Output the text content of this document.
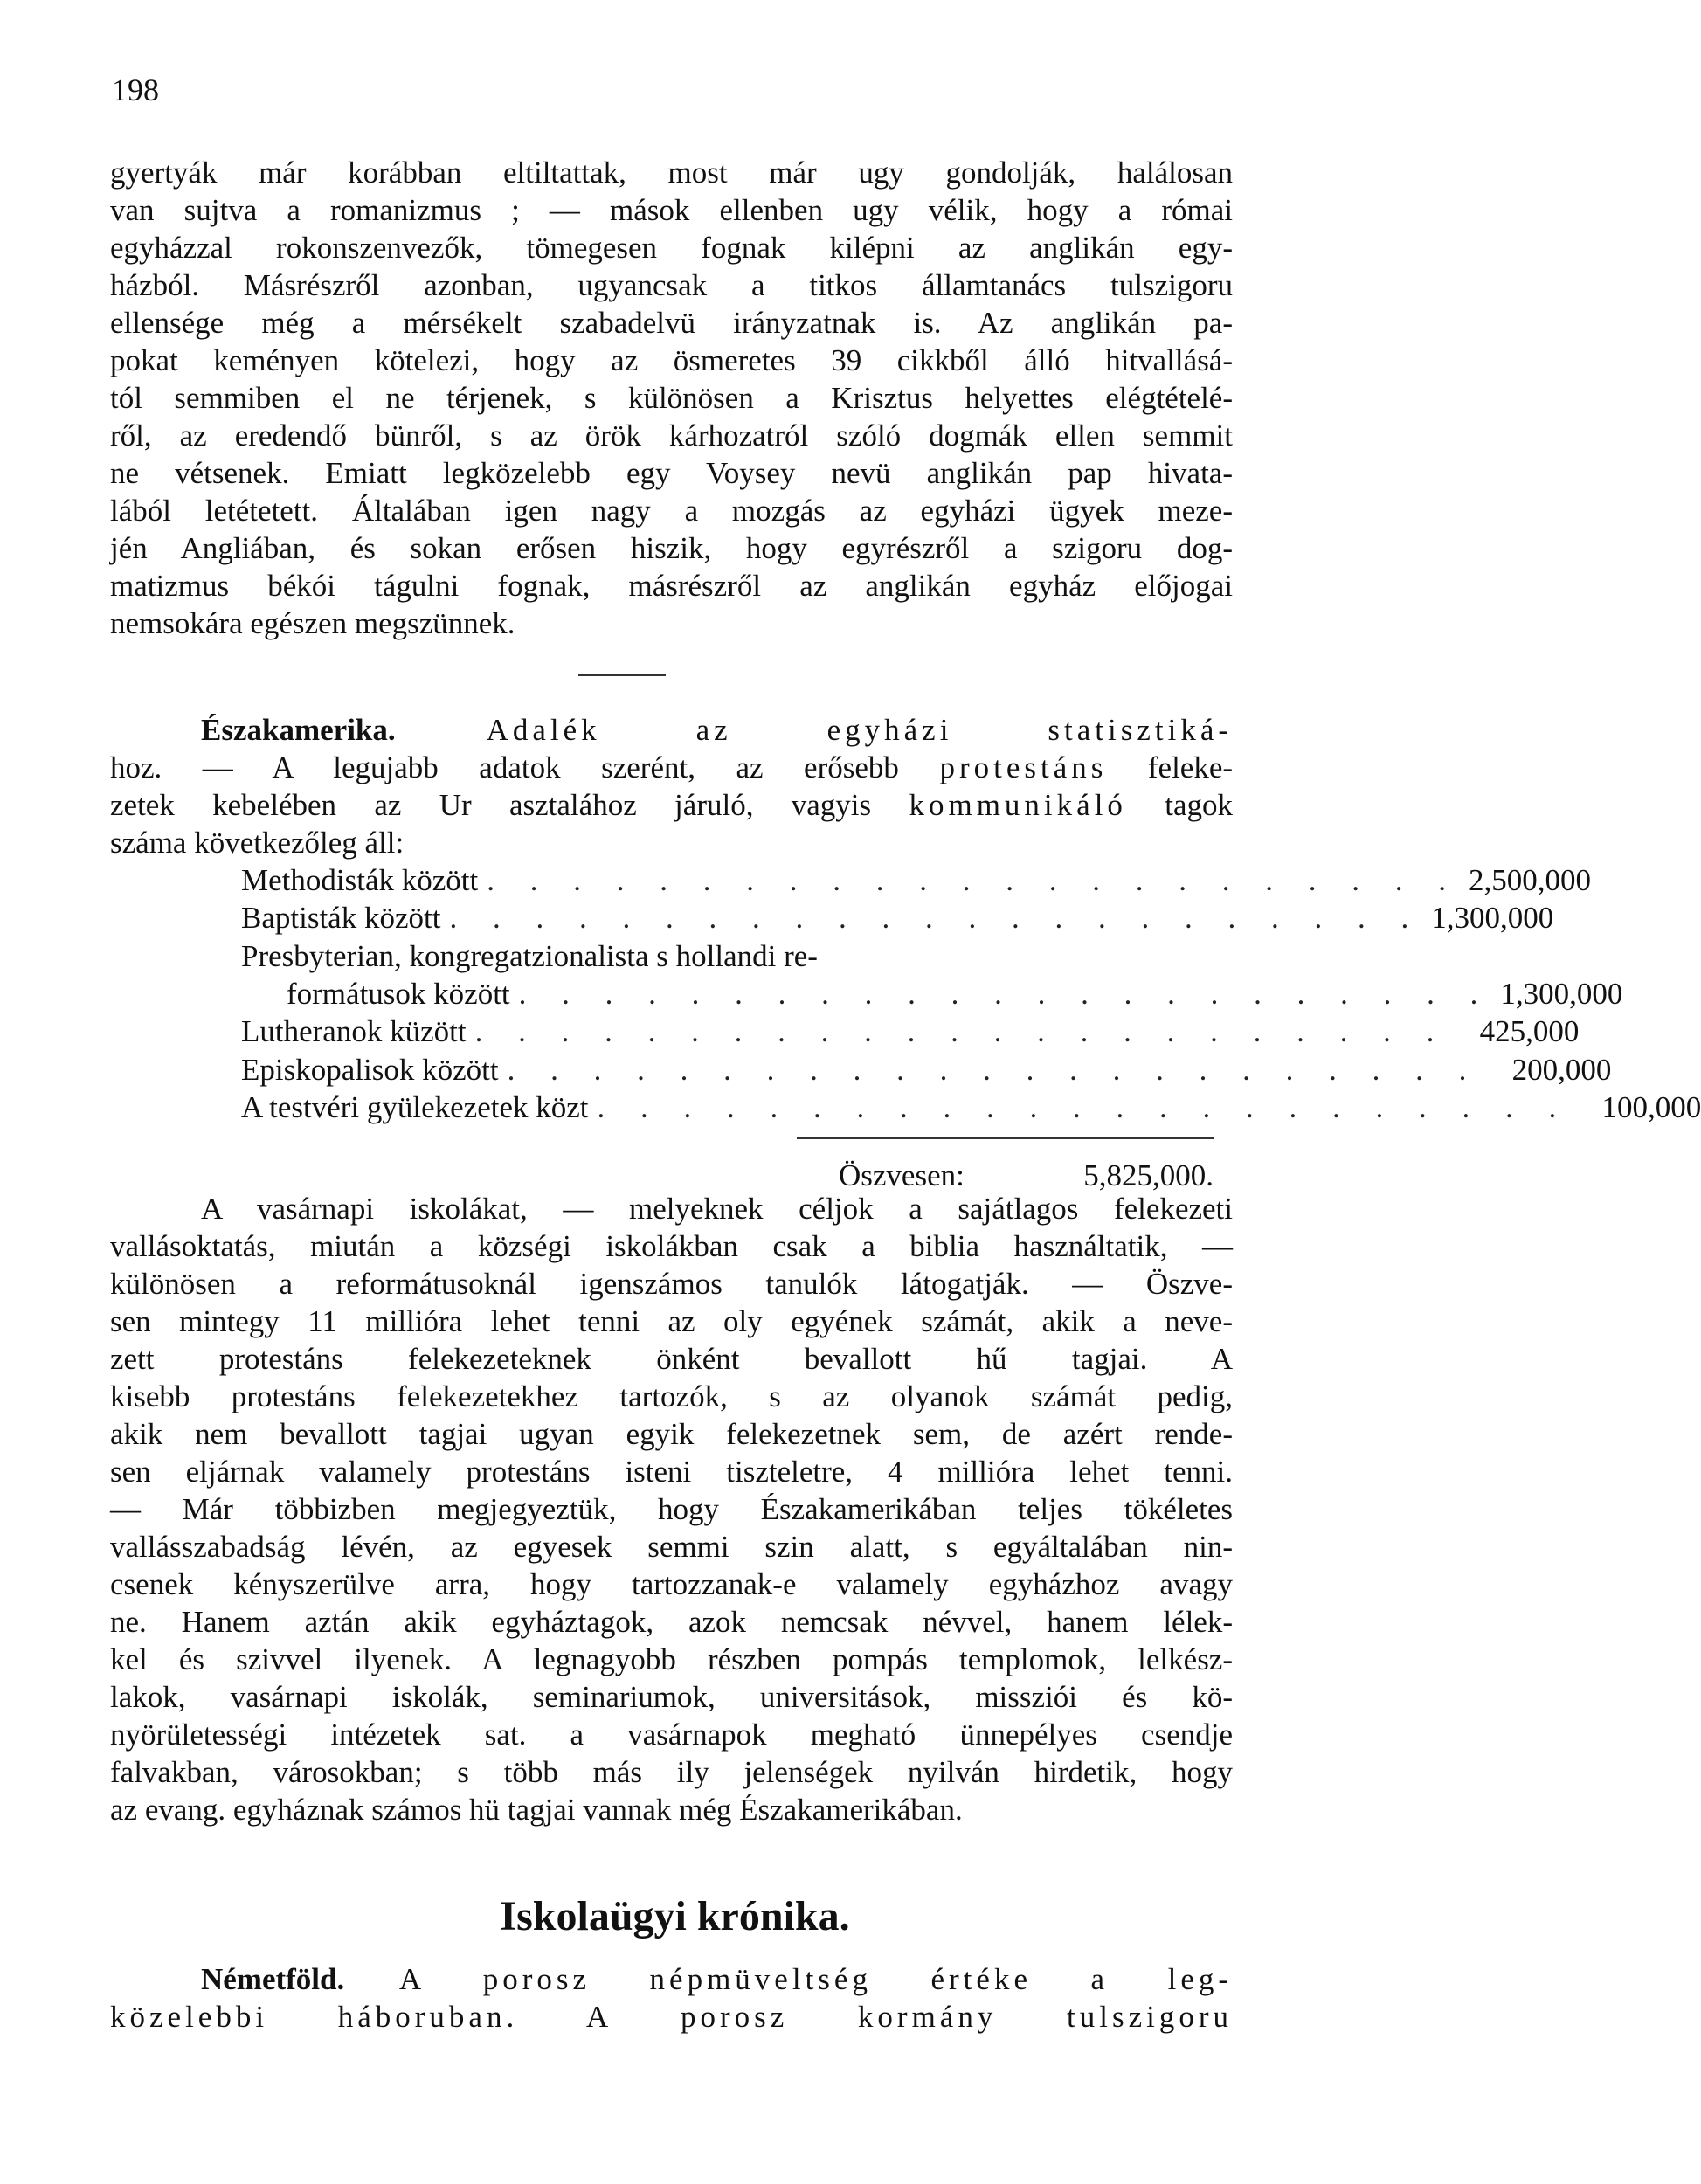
198
gyertyák már korábban eltiltattak, most már ugy gondolják, halálosan
van sujtva a romanizmus ; — mások ellenben ugy vélik, hogy a római
egyházzal rokonszenvezők, tömegesen fognak kilépni az anglikán egy-
házból. Másrészről azonban, ugyancsak a titkos államtanács tulszigoru
ellensége még a mérsékelt szabadelvü irányzatnak is. Az anglikán pa-
pokat keményen kötelezi, hogy az ösmeretes 39 cikkből álló hitvallásá-
tól semmiben el ne térjenek, s különösen a Krisztus helyettes elégtételé-
ről, az eredendő bünről, s az örök kárhozatról szóló dogmák ellen semmit
ne vétsenek. Emiatt legközelebb egy Voysey nevü anglikán pap hivata-
lából letétetett. Általában igen nagy a mozgás az egyházi ügyek meze-
jén Angliában, és sokan erősen hiszik, hogy egyrészről a szigoru dog-
matizmus békói tágulni fognak, másrészről az anglikán egyház előjogai
nemsokára egészen megszünnek.
Északamerika.	Adalék az egyházi statisztiká-
hoz. — A legujabb adatok szerént, az erősebb protestáns feleke-
zetek kebelében az Ur asztalához járuló, vagyis kommunikáló tagok
száma következőleg áll:
Methodisták között . . . . . . . . . . . . . . . . . . . . . . . 2,500,000
Baptisták között . . . . . . . . . . . . . . . . . . . . . . . 1,300,000
Presbyterian, kongregatzionalista s hollandi re-
formátusok között . . . . . . . . . . . . . . . . . . . . . . . 1,300,000
Lutheranok küzött . . . . . . . . . . . . . . . . . . . . . . .	425,000
Episkopalisok között . . . . . . . . . . . . . . . . . . . . . . .	200,000
A testvéri gyülekezetek közt . . . . . . . . . . . . . . . . . . . . . . .	100,000
Öszvesen:	5,825,000.
A vasárnapi iskolákat, — melyeknek céljok a sajátlagos felekezeti
vallásoktatás, miután a községi iskolákban csak a biblia használtatik, —
különösen a reformátusoknál igenszámos tanulók látogatják. — Öszve-
sen mintegy 11 millióra lehet tenni az oly egyének számát, akik a neve-
zett protestáns felekezeteknek önként bevallott hű tagjai. A
kisebb protestáns felekezetekhez tartozók, s az olyanok számát pedig,
akik nem bevallott tagjai ugyan egyik felekezetnek sem, de azért rende-
sen eljárnak valamely protestáns isteni tiszteletre, 4 millióra lehet tenni.
— Már többizben megjegyeztük, hogy Északamerikában teljes tökéletes
vallásszabadság lévén, az egyesek semmi szin alatt, s egyáltalában nin-
csenek kényszerülve arra, hogy tartozzanak-e valamely egyházhoz avagy
ne. Hanem aztán akik egyháztagok, azok nemcsak névvel, hanem lélek-
kel és szivvel ilyenek. A legnagyobb részben pompás templomok, lelkész-
lakok, vasárnapi iskolák, seminariumok, universitások, missziói és kö-
nyörületességi intézetek sat. a vasárnapok megható ünnepélyes csendje
falvakban, városokban; s több más ily jelenségek nyilván hirdetik, hogy
az evang. egyháznak számos hü tagjai vannak még Északamerikában.
Iskolaügyi krónika.
Németföld. A porosz népmüveltség értéke a leg-
közelebbi háboruban. A porosz kormány tulszigoru
